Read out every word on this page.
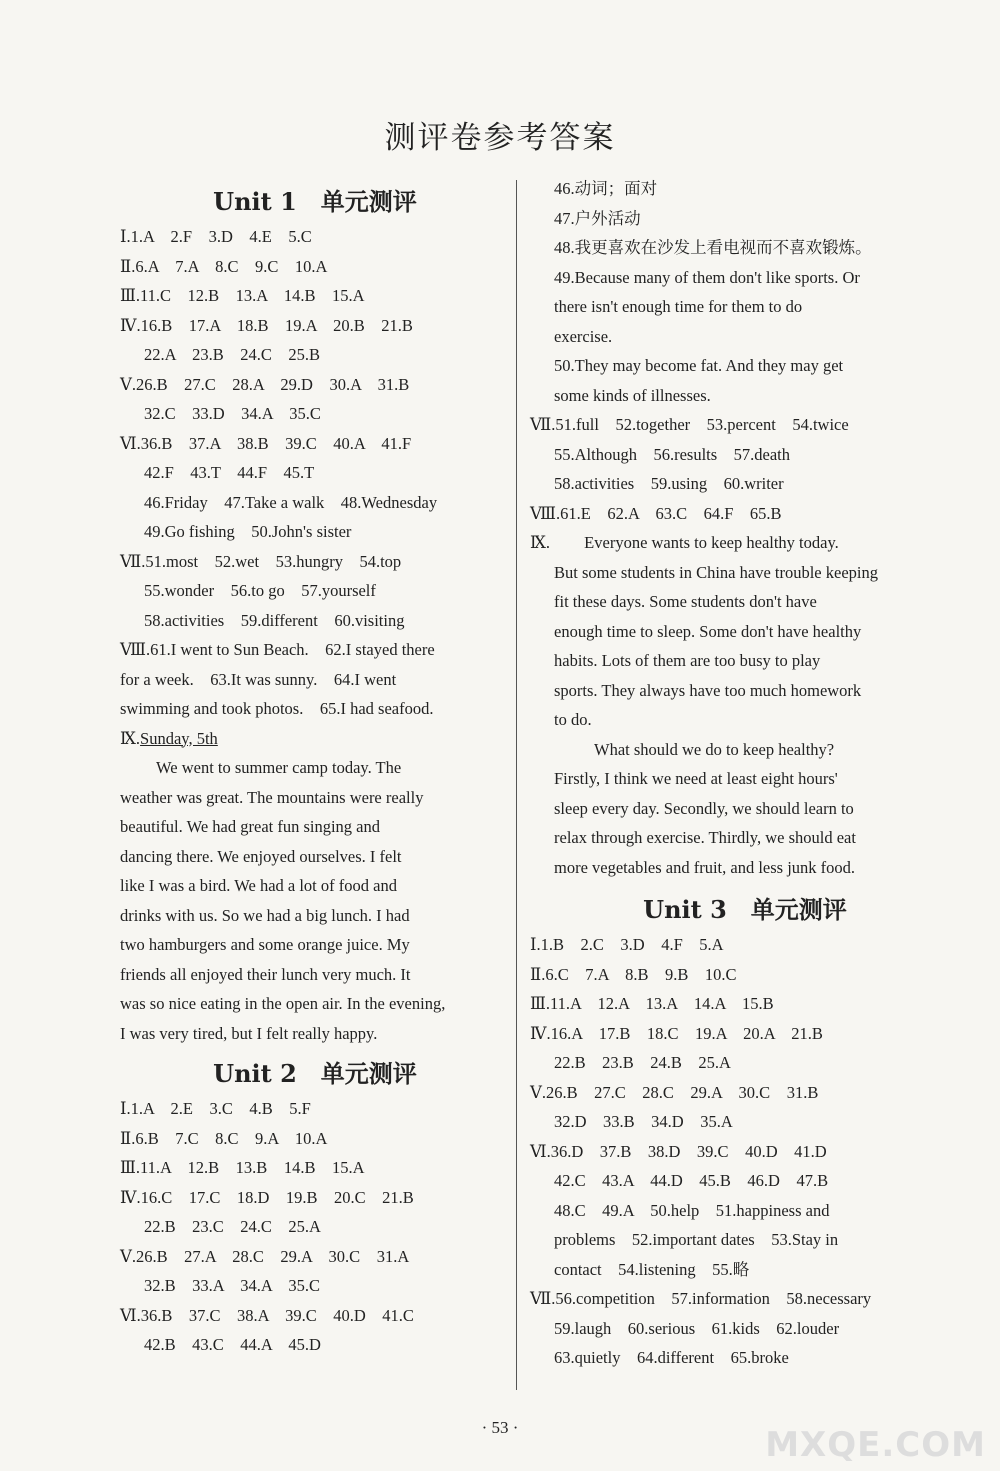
测评卷参考答案
Unit 1　单元测评
Ⅰ.1.A　2.F　3.D　4.E　5.C
Ⅱ.6.A　7.A　8.C　9.C　10.A
Ⅲ.11.C　12.B　13.A　14.B　15.A
Ⅳ.16.B　17.A　18.B　19.A　20.B　21.B
22.A　23.B　24.C　25.B
Ⅴ.26.B　27.C　28.A　29.D　30.A　31.B
32.C　33.D　34.A　35.C
Ⅵ.36.B　37.A　38.B　39.C　40.A　41.F
42.F　43.T　44.F　45.T
46.Friday　47.Take a walk　48.Wednesday
49.Go fishing　50.John's sister
Ⅶ.51.most　52.wet　53.hungry　54.top
55.wonder　56.to go　57.yourself
58.activities　59.different　60.visiting
Ⅷ.61.I went to Sun Beach.　62.I stayed there
for a week.　63.It was sunny.　64.I went
swimming and took photos.　65.I had seafood.
Ⅸ.Sunday, 5th
We went to summer camp today. The
weather was great. The mountains were really
beautiful. We had great fun singing and
dancing there. We enjoyed ourselves. I felt
like I was a bird. We had a lot of food and
drinks with us. So we had a big lunch. I had
two hamburgers and some orange juice. My
friends all enjoyed their lunch very much. It
was so nice eating in the open air. In the evening,
I was very tired, but I felt really happy.
Unit 2　单元测评
Ⅰ.1.A　2.E　3.C　4.B　5.F
Ⅱ.6.B　7.C　8.C　9.A　10.A
Ⅲ.11.A　12.B　13.B　14.B　15.A
Ⅳ.16.C　17.C　18.D　19.B　20.C　21.B
22.B　23.C　24.C　25.A
Ⅴ.26.B　27.A　28.C　29.A　30.C　31.A
32.B　33.A　34.A　35.C
Ⅵ.36.B　37.C　38.A　39.C　40.D　41.C
42.B　43.C　44.A　45.D
46.动词；面对
47.户外活动
48.我更喜欢在沙发上看电视而不喜欢锻炼。
49.Because many of them don't like sports. Or
there isn't enough time for them to do
exercise.
50.They may become fat. And they may get
some kinds of illnesses.
Ⅶ.51.full　52.together　53.percent　54.twice
55.Although　56.results　57.death
58.activities　59.using　60.writer
Ⅷ.61.E　62.A　63.C　64.F　65.B
Ⅸ. Everyone wants to keep healthy today.
But some students in China have trouble keeping
fit these days. Some students don't have
enough time to sleep. Some don't have healthy
habits. Lots of them are too busy to play
sports. They always have too much homework
to do.
What should we do to keep healthy?
Firstly, I think we need at least eight hours'
sleep every day. Secondly, we should learn to
relax through exercise. Thirdly, we should eat
more vegetables and fruit, and less junk food.
Unit 3　单元测评
Ⅰ.1.B　2.C　3.D　4.F　5.A
Ⅱ.6.C　7.A　8.B　9.B　10.C
Ⅲ.11.A　12.A　13.A　14.A　15.B
Ⅳ.16.A　17.B　18.C　19.A　20.A　21.B
22.B　23.B　24.B　25.A
Ⅴ.26.B　27.C　28.C　29.A　30.C　31.B
32.D　33.B　34.D　35.A
Ⅵ.36.D　37.B　38.D　39.C　40.D　41.D
42.C　43.A　44.D　45.B　46.D　47.B
48.C　49.A　50.help　51.happiness and
problems　52.important dates　53.Stay in
contact　54.listening　55.略
Ⅶ.56.competition　57.information　58.necessary
59.laugh　60.serious　61.kids　62.louder
63.quietly　64.different　65.broke
· 53 ·	MXQE.COM
